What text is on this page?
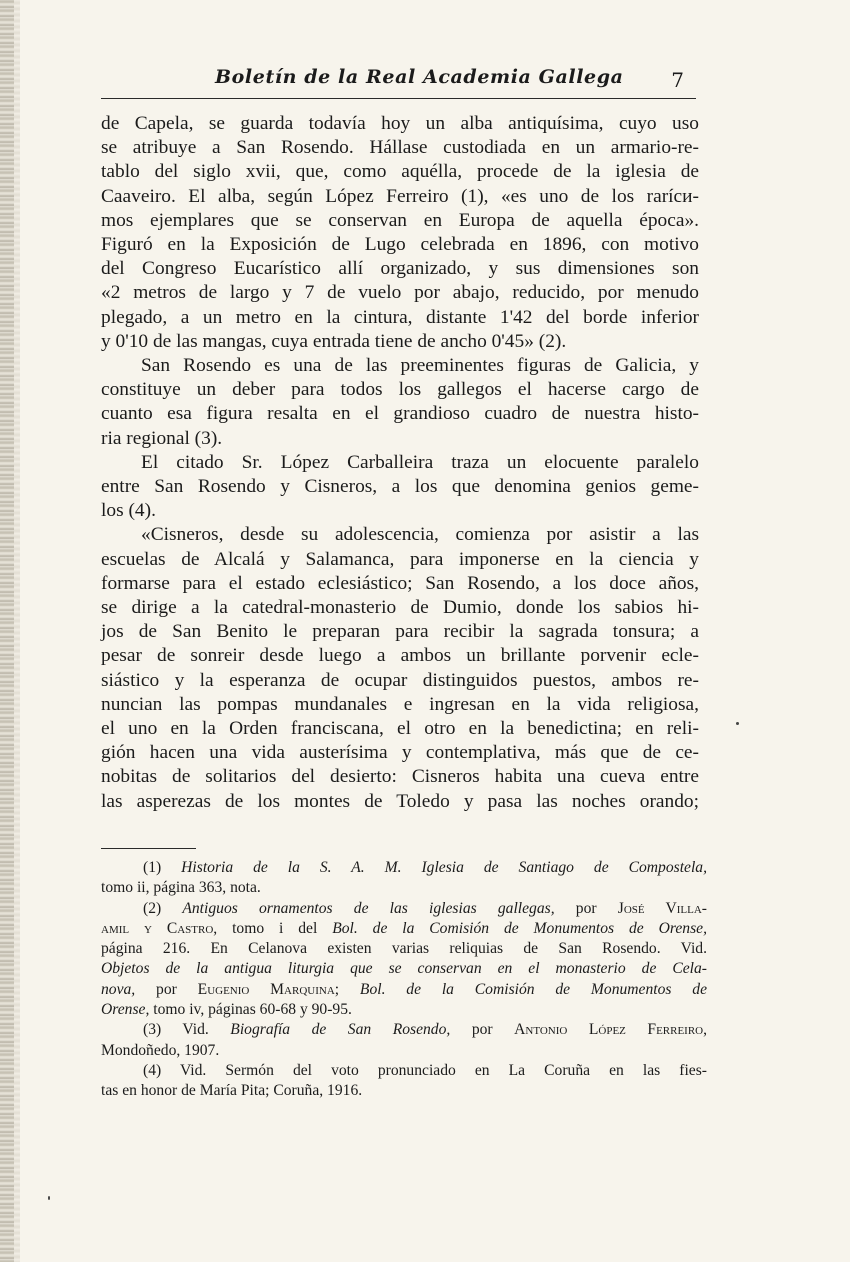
Boletín de la Real Academia Gallega 7
de Capela, se guarda todavía hoy un alba antiquísima, cuyo uso
se atribuye a San Rosendo. Hállase custodiada en un armario-re-
tablo del siglo xvii, que, como aquélla, procede de la iglesia de
Caaveiro. El alba, según López Ferreiro (1), «es uno de los raríси-
mos ejemplares que se conservan en Europa de aquella época».
Figuró en la Exposición de Lugo celebrada en 1896, con motivo
del Congreso Eucarístico allí organizado, y sus dimensiones son
«2 metros de largo y 7 de vuelo por abajo, reducido, por menudo
plegado, a un metro en la cintura, distante 1'42 del borde inferior
y 0'10 de las mangas, cuya entrada tiene de ancho 0'45» (2).
San Rosendo es una de las preeminentes figuras de Galicia, y
constituye un deber para todos los gallegos el hacerse cargo de
cuanto esa figura resalta en el grandioso cuadro de nuestra histo-
ria regional (3).
El citado Sr. López Carballeira traza un elocuente paralelo
entre San Rosendo y Cisneros, a los que denomina genios geme-
los (4).
«Cisneros, desde su adolescencia, comienza por asistir a las
escuelas de Alcalá y Salamanca, para imponerse en la ciencia y
formarse para el estado eclesiástico; San Rosendo, a los doce años,
se dirige a la catedral-monasterio de Dumio, donde los sabios hi-
jos de San Benito le preparan para recibir la sagrada tonsura; a
pesar de sonreir desde luego a ambos un brillante porvenir ecle-
siástico y la esperanza de ocupar distinguidos puestos, ambos re-
nuncian las pompas mundanales e ingresan en la vida religiosa,
el uno en la Orden franciscana, el otro en la benedictina; en reli-
gión hacen una vida austerísima y contemplativa, más que de ce-
nobitas de solitarios del desierto: Cisneros habita una cueva entre
las asperezas de los montes de Toledo y pasa las noches orando;
(1) Historia de la S. A. M. Iglesia de Santiago de Compostela,
tomo ii, página 363, nota.
(2) Antiguos ornamentos de las iglesias gallegas, por José Villa-
amil y Castro, tomo i del Bol. de la Comisión de Monumentos de Orense,
página 216. En Celanova existen varias reliquias de San Rosendo. Vid.
Objetos de la antigua liturgia que se conservan en el monasterio de Cela-
nova, por Eugenio Marquina; Bol. de la Comisión de Monumentos de
Orense, tomo iv, páginas 60-68 y 90-95.
(3) Vid. Biografía de San Rosendo, por Antonio López Ferreiro,
Mondoñedo, 1907.
(4) Vid. Sermón del voto pronunciado en La Coruña en las fies-
tas en honor de María Pita; Coruña, 1916.
